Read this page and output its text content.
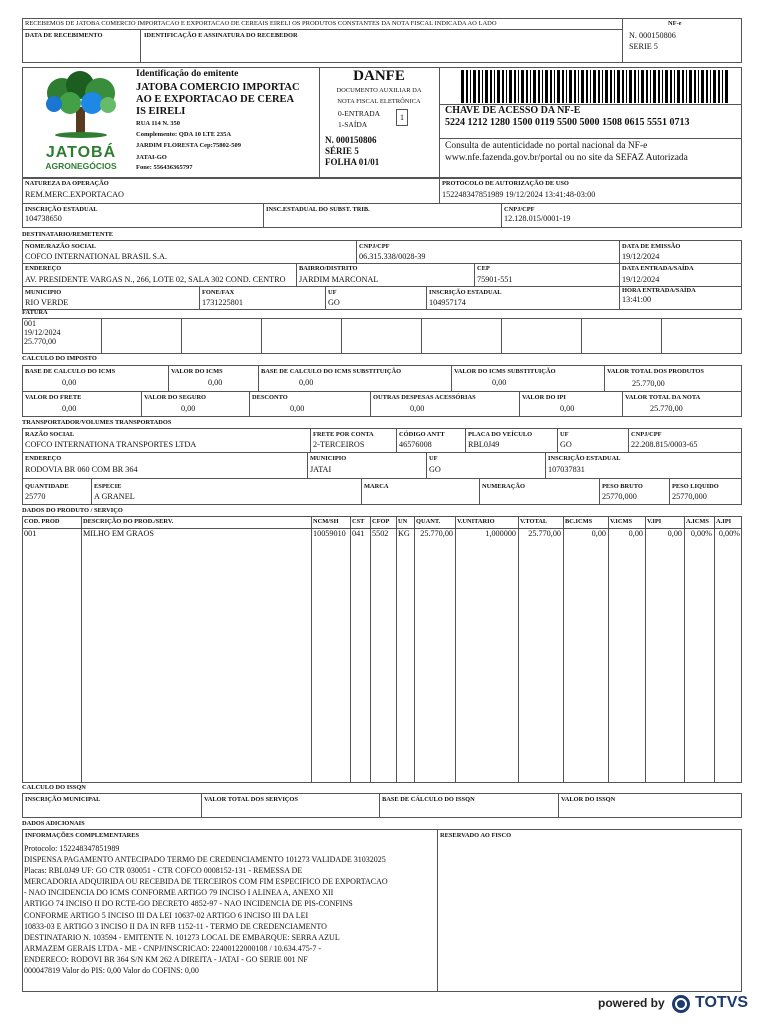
RECEBEMOS DE JATOBA COMERCIO IMPORTACAO E EXPORTACAO DE CEREAIS EIRELI OS PRODUTOS CONSTANTES DA NOTA FISCAL INDICADA AO LADO
DATA DE RECEBIMENTO	IDENTIFICAÇÃO E ASSINATURA DO RECEBEDOR
NF-e
N. 000150806
SERIE 5
JATOBÁ
AGRONEGÓCIOS
Identificação do emitente
JATOBA COMERCIO IMPORTAC
AO E EXPORTACAO DE CEREA
IS EIRELI
RUA 114 N. 350
Complemento: QDA 10 LTE 235A
JARDIM FLORESTA Cep:75802-509
JATAI-GO
Fone: 556436365797
DANFE
DOCUMENTO AUXILIAR DA
NOTA FISCAL ELETRÔNICA
0-ENTRADA
1-SAÍDA
1
N. 000150806
SÉRIE 5
FOLHA 01/01
CHAVE DE ACESSO DA NF-E
5224 1212 1280 1500 0119 5500 5000 1508 0615 5551 0713
Consulta de autenticidade no portal nacional da NF-e
www.nfe.fazenda.gov.br/portal ou no site da SEFAZ Autorizada
NATUREZA DA OPERAÇÃO
REM.MERC.EXPORTACAO
PROTOCOLO DE AUTORIZAÇÃO DE USO
152248347851989 19/12/2024 13:41:48-03:00
INSCRIÇÃO ESTADUAL
104738650
INSC.ESTADUAL DO SUBST. TRIB.	CNPJ/CPF
12.128.015/0001-19
DESTINATARIO/REMETENTE
NOME/RAZÃO SOCIAL
COFCO INTERNATIONAL BRASIL S.A.
CNPJ/CPF
06.315.338/0028-39
DATA DE EMISSÃO
19/12/2024
ENDEREÇO
AV. PRESIDENTE VARGAS N., 266, LOTE 02, SALA 302 COND. CENTRO
BAIRRO/DISTRITO
JARDIM MARCONAL
CEP
75901-551
DATA ENTRADA/SAÍDA
19/12/2024
MUNICIPIO
RIO VERDE
FONE/FAX
1731225801
UF
GO
INSCRIÇÃO ESTADUAL
104957174
HORA ENTRADA/SAÍDA
13:41:00
FATURA
001
19/12/2024
25.770,00
CALCULO DO IMPOSTO
BASE DE CALCULO DO ICMS
0,00
VALOR DO ICMS
0,00
BASE DE CALCULO DO ICMS SUBSTITUIÇÃO
0,00
VALOR DO ICMS SUBSTITUIÇÃO
0,00
VALOR TOTAL DOS PRODUTOS
25.770,00
VALOR DO FRETE
0,00
VALOR DO SEGURO
0,00
DESCONTO
0,00
OUTRAS DESPESAS ACESSÓRIAS
0,00
VALOR DO IPI
0,00
VALOR TOTAL DA NOTA
25.770,00
TRANSPORTADOR/VOLUMES TRANSPORTADOS
RAZÃO SOCIAL
COFCO INTERNATIONA TRANSPORTES LTDA
FRETE POR CONTA
2-TERCEIROS
CÓDIGO ANTT
46576008
PLACA DO VEÍCULO
RBL0J49
UF
GO
CNPJ/CPF
22.208.815/0003-65
ENDEREÇO
RODOVIA BR 060 COM BR 364
MUNICIPIO
JATAI
UF
GO
INSCRIÇÃO ESTADUAL
107037831
QUANTIDADE
25770
ESPECIE
A GRANEL
MARCA	NUMERAÇÃO	PESO BRUTO
25770,000
PESO LIQUIDO
25770,000
DADOS DO PRODUTO / SERVIÇO
COD. PROD	DESCRIÇÃO DO PROD./SERV.	NCM/SH CST CFOP UN QUANT.	V.UNITARIO	V.TOTAL	BC.ICMS	V.ICMS V.IPI	A.ICMS A.IPI
001	MILHO EM GRAOS	10059010 041 5502 KG	25.770,00	1,000000	25.770,00	0,00	0,00	0,00	0,00% 0,00%
CALCULO DO ISSQN
INSCRIÇÃO MUNICIPAL	VALOR TOTAL DOS SERVIÇOS	BASE DE CÁLCULO DO ISSQN	VALOR DO ISSQN
DADOS ADICIONAIS
INFORMAÇÕES COMPLEMENTARES	RESERVADO AO FISCO
Protocolo: 152248347851989
DISPENSA PAGAMENTO ANTECIPADO TERMO DE CREDENCIAMENTO 101273 VALIDADE 31032025
Placas: RBL0J49 UF: GO CTR 030051 - CTR COFCO 0008152-131 - REMESSA DE
MERCADORIA ADQUIRIDA OU RECEBIDA DE TERCEIROS COM FIM ESPECIFICO DE EXPORTACAO
- NAO INCIDENCIA DO ICMS CONFORME ARTIGO 79 INCISO I ALINEA A, ANEXO XII
ARTIGO 74 INCISO II DO RCTE-GO DECRETO 4852-97 - NAO INCIDENCIA DE PIS-CONFINS
CONFORME ARTIGO 5 INCISO III DA LEI 10637-02 ARTIGO 6 INCISO III DA LEI
10833-03 E ARTIGO 3 INCISO II DA IN RFB 1152-11 - TERMO DE CREDENCIAMENTO
DESTINATARIO N. 103594 - EMITENTE N. 101273 LOCAL DE EMBARQUE: SERRA AZUL
ARMAZEM GERAIS LTDA - ME - CNPJ/INSCRICAO: 22400122000108 / 10.634.475-7 -
ENDERECO: RODOVI BR 364 S/N KM 262 A DIREITA - JATAI - GO SERIE 001 NF
000047819 Valor do PIS: 0,00 Valor do COFINS: 0,00
powered by TOTVS
